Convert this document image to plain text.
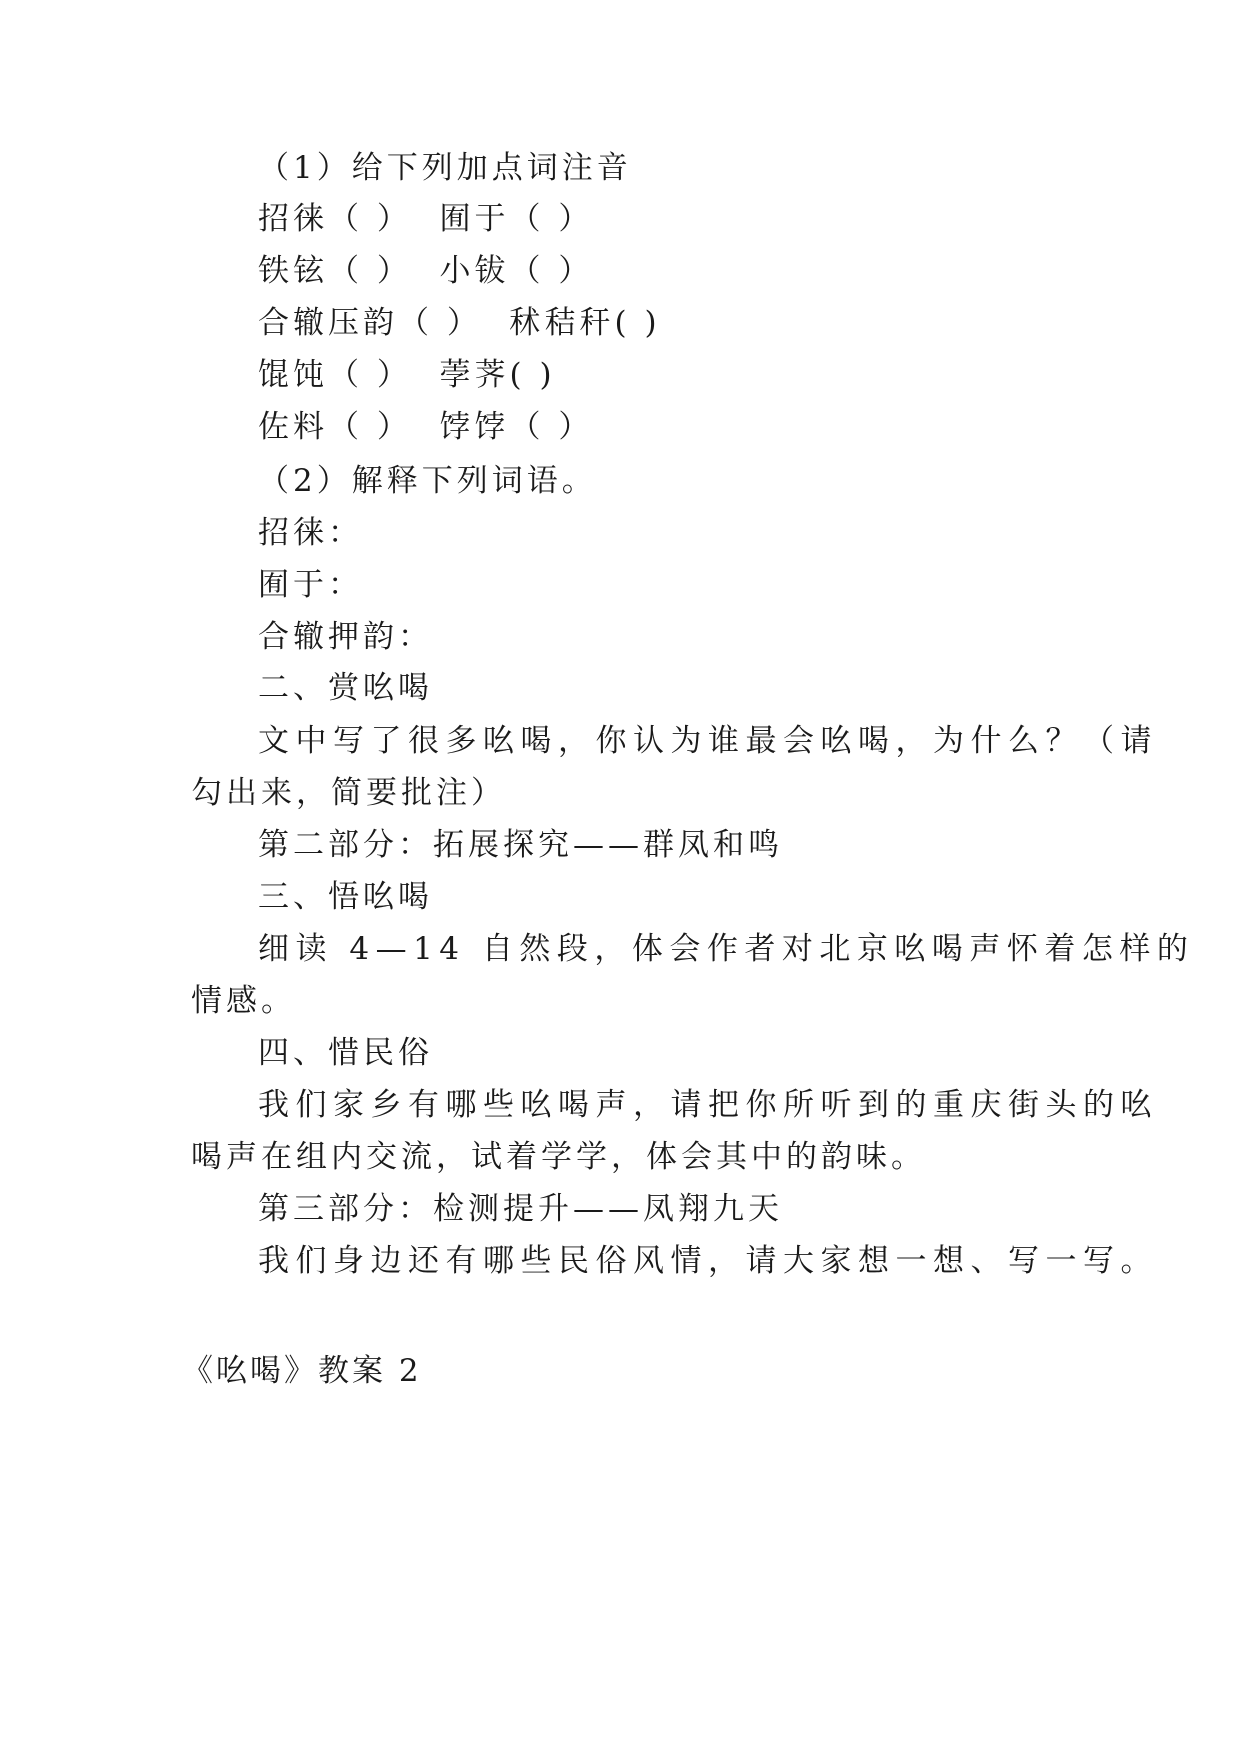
（1）给下列加点词注音
招徕（ ）  囿于（ ）
铁铉（ ）  小钹（ ）
合辙压韵（ ）  秫秸秆( )
馄饨（ ）  荸荠( )
佐料（ ）  饽饽（ ）
（2）解释下列词语。
招徕：
囿于：
合辙押韵：
二、赏吆喝
文中写了很多吆喝，你认为谁最会吆喝，为什么？（请
勾出来，简要批注）
第二部分：拓展探究——群凤和鸣
三、悟吆喝
细读 4—14 自然段，体会作者对北京吆喝声怀着怎样的
情感。
四、惜民俗
我们家乡有哪些吆喝声，请把你所听到的重庆街头的吆
喝声在组内交流，试着学学，体会其中的韵味。
第三部分：检测提升——凤翔九天
我们身边还有哪些民俗风情，请大家想一想、写一写。
《吆喝》教案 2
